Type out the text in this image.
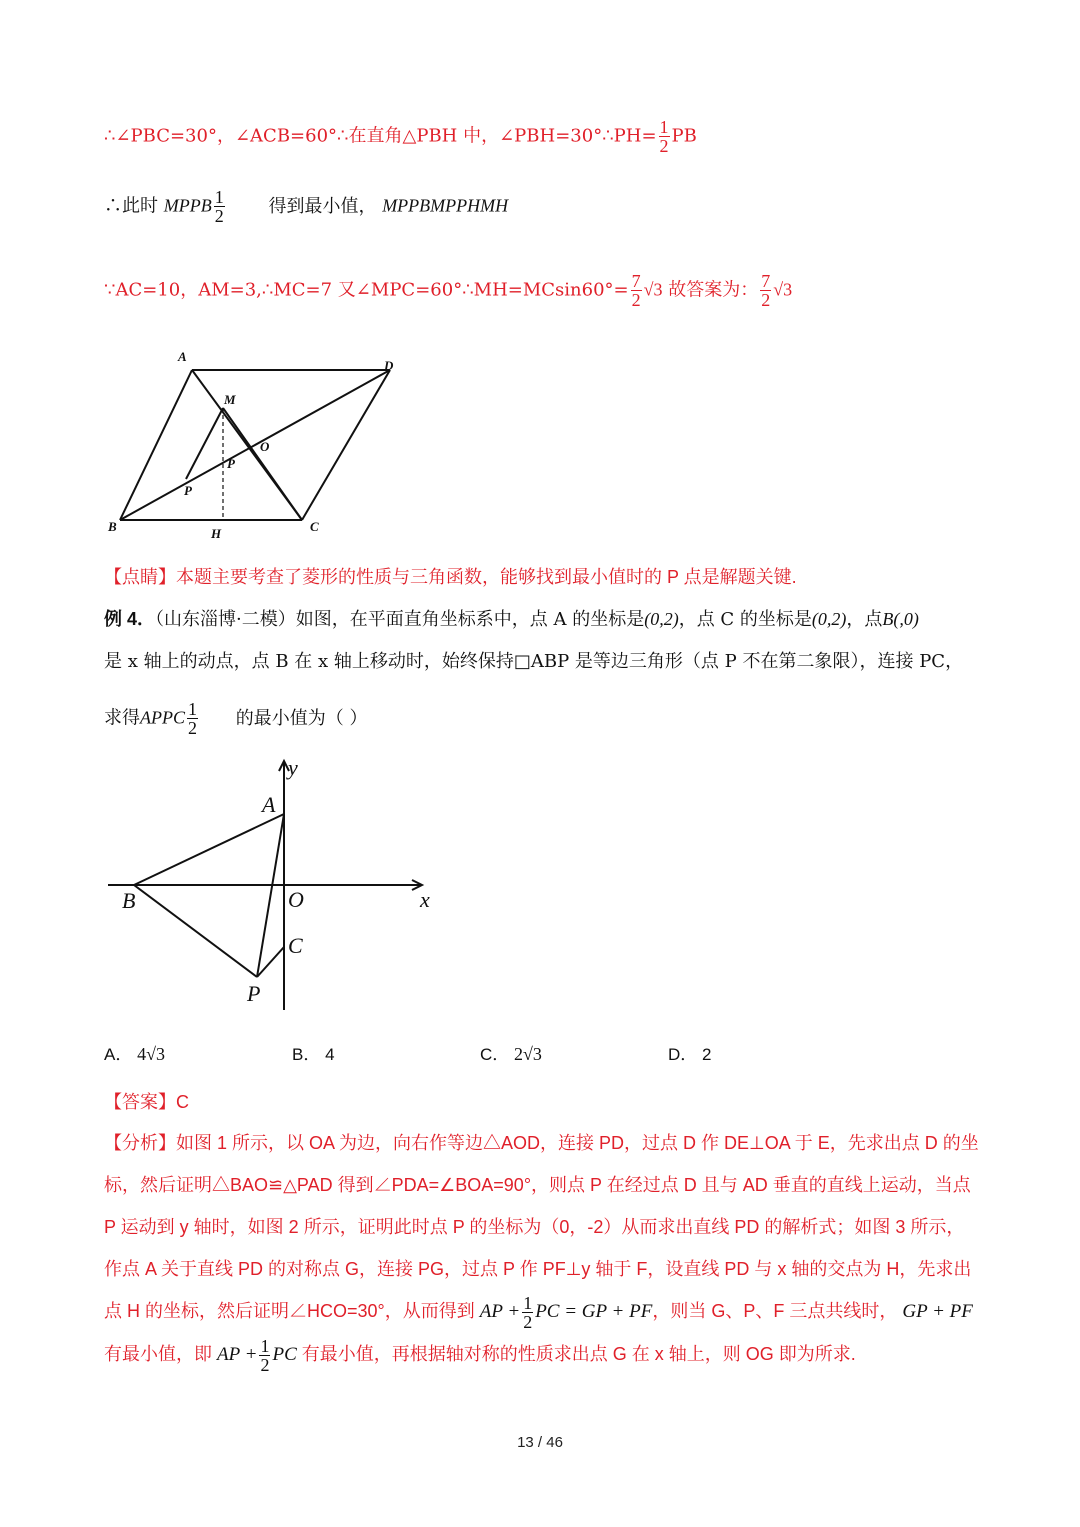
∴∠PBC=30°，∠ACB=60°∴在直角△PBH 中，∠PBH=30°∴PH= $\frac{1}{2}$ PB
∴此时 MPPB $\frac{1}{2}$ 得到最小值， MPPBMPPHMH
∵AC=10，AM=3,∴MC=7 又∠MPC=60°∴MH=MCsin60°= $\frac{7}{2} √3$ 故答案为： $\frac{7}{2} √3$
A
D
M
O
P
P
B	H	C
【点睛】本题主要考查了菱形的性质与三角函数，能够找到最小值时的 P 点是解题关键.
例 4．（山东淄博·二模）如图，在平面直角坐标系中，点 A 的坐标是(0,2)，点 C 的坐标是(0,2)，点B(,0)
是 x 轴上的动点，点 B 在 x 轴上移动时，始终保持□ABP 是等边三角形（点 P 不在第二象限），连接 PC，
求得APPC $\frac{1}{2}$ 的最小值为（ ）
y
A
B	O	x
C
P
A． 4√3	B． 4	C． 2√3	D． 2
【答案】C
【分析】如图 1 所示，以 OA 为边，向右作等边△AOD，连接 PD，过点 D 作 DE⊥OA 于 E，先求出点 D 的坐标，然后证明△BAO≌△PAD 得到∠PDA=∠BOA=90°，则点 P 在经过点 D 且与 AD 垂直的直线上运动，当点 P 运动到 y 轴时，如图 2 所示，证明此时点 P 的坐标为（0，-2）从而求出直线 PD 的解析式；如图 3 所示，作点 A 关于直线 PD 的对称点 G，连接 PG，过点 P 作 PF⊥y 轴于 F，设直线 PD 与 x 轴的交点为 H，先求出点 H 的坐标，然后证明∠HCO=30°，从而得到 AP + $\frac{1}{2}$ PC = GP + PF，则当 G、P、F 三点共线时， GP + PF 有最小值，即 AP + $\frac{1}{2}$ PC 有最小值，再根据轴对称的性质求出点 G 在 x 轴上，则 OG 即为所求.
13 / 46
